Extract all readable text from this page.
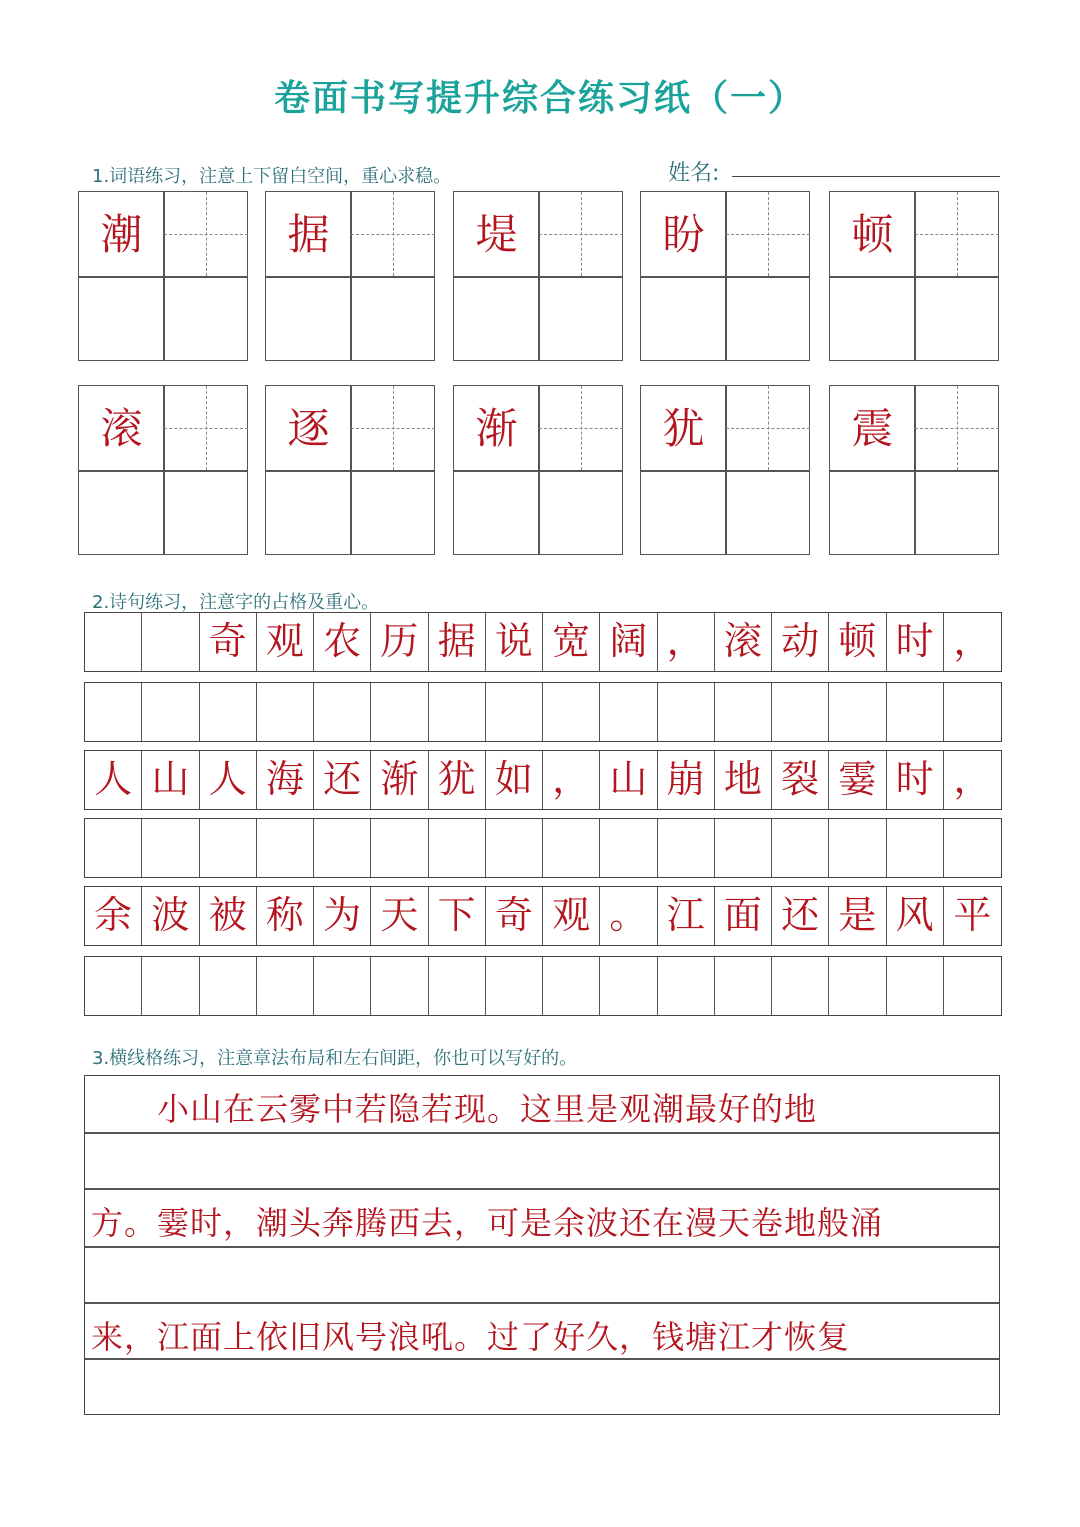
卷面书写提升综合练习纸（一）
1.词语练习，注意上下留白空间，重心求稳。	姓名:
潮	据	堤	盼	顿
滚	逐	渐	犹	震
2.诗句练习，注意字的占格及重心。
奇 观 农 历 据 说 宽 阔 ， 滚 动 顿 时 ，
人 山 人 海 还 渐 犹 如 ， 山 崩 地 裂 霎 时 ，
余 波 被 称 为 天 下 奇 观 。 江 面 还 是 风 平
3.横线格练习，注意章法布局和左右间距，你也可以写好的。
　　小山在云雾中若隐若现。这里是观潮最好的地
方。霎时，潮头奔腾西去，可是余波还在漫天卷地般涌
来，江面上依旧风号浪吼。过了好久，钱塘江才恢复
